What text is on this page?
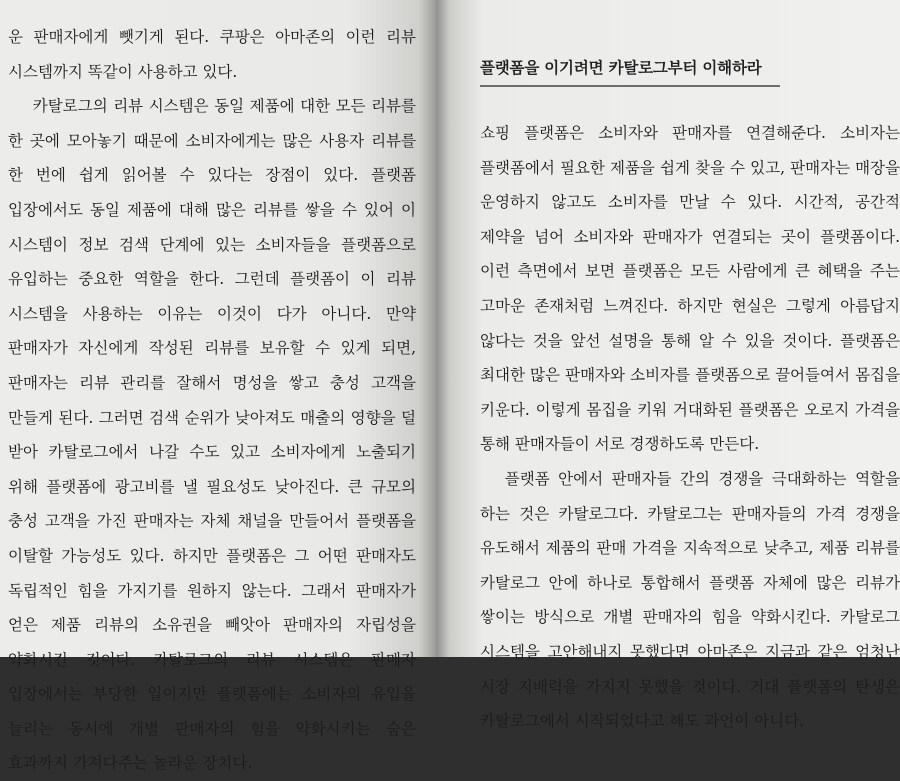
운 판매자에게 뺏기게 된다. 쿠팡은 아마존의 이런 리뷰 시스템까지 똑같이 사용하고 있다.

카탈로그의 리뷰 시스템은 동일 제품에 대한 모든 리뷰를 한 곳에 모아놓기 때문에 소비자에게는 많은 사용자 리뷰를 한 번에 쉽게 읽어볼 수 있다는 장점이 있다. 플랫폼 입장에서도 동일 제품에 대해 많은 리뷰를 쌓을 수 있어 이 시스템이 정보 검색 단계에 있는 소비자들을 플랫폼으로 유입하는 중요한 역할을 한다. 그런데 플랫폼이 이 리뷰 시스템을 사용하는 이유는 이것이 다가 아니다. 만약 판매자가 자신에게 작성된 리뷰를 보유할 수 있게 되면, 판매자는 리뷰 관리를 잘해서 명성을 쌓고 충성 고객을 만들게 된다. 그러면 검색 순위가 낮아져도 매출의 영향을 덜 받아 카탈로그에서 나갈 수도 있고 소비자에게 노출되기 위해 플랫폼에 광고비를 낼 필요성도 낮아진다. 큰 규모의 충성 고객을 가진 판매자는 자체 채널을 만들어서 플랫폼을 이탈할 가능성도 있다. 하지만 플랫폼은 그 어떤 판매자도 독립적인 힘을 가지기를 원하지 않는다. 그래서 판매자가 얻은 제품 리뷰의 소유권을 빼앗아 판매자의 자립성을 약화시킨 것이다. 카탈로그의 리뷰 시스템은 판매자 입장에서는 부당한 일이지만 플랫폼에는 소비자의 유입을 늘리는 동시에 개별 판매자의 힘을 약화시키는 숨은 효과까지 가져다주는 놀라운 장치다.

플랫폼을 이기려면 카탈로그부터 이해하라

쇼핑 플랫폼은 소비자와 판매자를 연결해준다. 소비자는 플랫폼에서 필요한 제품을 쉽게 찾을 수 있고, 판매자는 매장을 운영하지 않고도 소비자를 만날 수 있다. 시간적, 공간적 제약을 넘어 소비자와 판매자가 연결되는 곳이 플랫폼이다. 이런 측면에서 보면 플랫폼은 모든 사람에게 큰 혜택을 주는 고마운 존재처럼 느껴진다. 하지만 현실은 그렇게 아름답지 않다는 것을 앞선 설명을 통해 알 수 있을 것이다. 플랫폼은 최대한 많은 판매자와 소비자를 플랫폼으로 끌어들여서 몸집을 키운다. 이렇게 몸집을 키워 거대화된 플랫폼은 오로지 가격을 통해 판매자들이 서로 경쟁하도록 만든다.

플랫폼 안에서 판매자들 간의 경쟁을 극대화하는 역할을 하는 것은 카탈로그다. 카탈로그는 판매자들의 가격 경쟁을 유도해서 제품의 판매 가격을 지속적으로 낮추고, 제품 리뷰를 카탈로그 안에 하나로 통합해서 플랫폼 자체에 많은 리뷰가 쌓이는 방식으로 개별 판매자의 힘을 약화시킨다. 카탈로그 시스템을 고안해내지 못했다면 아마존은 지금과 같은 엄청난 시장 지배력을 가지지 못했을 것이다. 거대 플랫폼의 탄생은 카탈로그에서 시작되었다고 해도 과언이 아니다.
